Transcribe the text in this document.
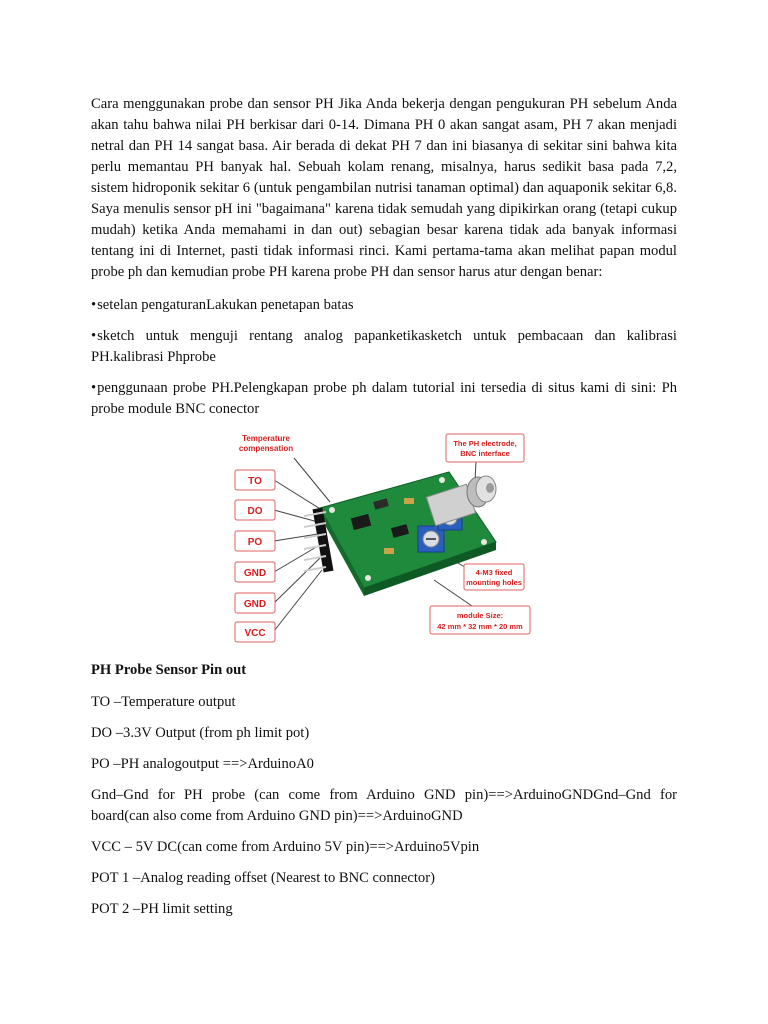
Cara menggunakan probe dan sensor PH Jika Anda bekerja dengan pengukuran PH sebelum Anda akan tahu bahwa nilai PH berkisar dari 0-14. Dimana PH 0 akan sangat asam, PH 7 akan menjadi netral dan PH 14 sangat basa. Air berada di dekat PH 7 dan ini biasanya di sekitar sini bahwa kita perlu memantau PH banyak hal. Sebuah kolam renang, misalnya, harus sedikit basa pada 7,2, sistem hidroponik sekitar 6 (untuk pengambilan nutrisi tanaman optimal) dan aquaponik sekitar 6,8. Saya menulis sensor pH ini "bagaimana" karena tidak semudah yang dipikirkan orang (tetapi cukup mudah) ketika Anda memahami in dan out) sebagian besar karena tidak ada banyak informasi tentang ini di Internet, pasti tidak informasi rinci. Kami pertama-tama akan melihat papan modul probe ph dan kemudian probe PH karena probe PH dan sensor harus atur dengan benar:

•setelan pengaturanLakukan penetapan batas

•sketch untuk menguji rentang analog papanketikasketch untuk pembacaan dan kalibrasi PH.kalibrasi Phprobe

•penggunaan probe PH.Pelengkapan probe ph dalam tutorial ini tersedia di situs kami di sini: Ph probe module BNC conector

Temperature
compensation
TO
DO
PO
GND
GND
VCC
The PH electrode,
BNC interface
4-M3 fixed
mounting holes
module Size:
42 mm * 32 mm * 20 mm

PH Probe Sensor Pin out

TO –Temperature output

DO –3.3V Output (from ph limit pot)

PO –PH analogoutput ==>ArduinoA0

Gnd–Gnd for PH probe (can come from Arduino GND pin)==>ArduinoGNDGnd–Gnd for board(can also come from Arduino GND pin)==>ArduinoGND

VCC – 5V DC(can come from Arduino 5V pin)==>Arduino5Vpin

POT 1 –Analog reading offset (Nearest to BNC connector)

POT 2 –PH limit setting
